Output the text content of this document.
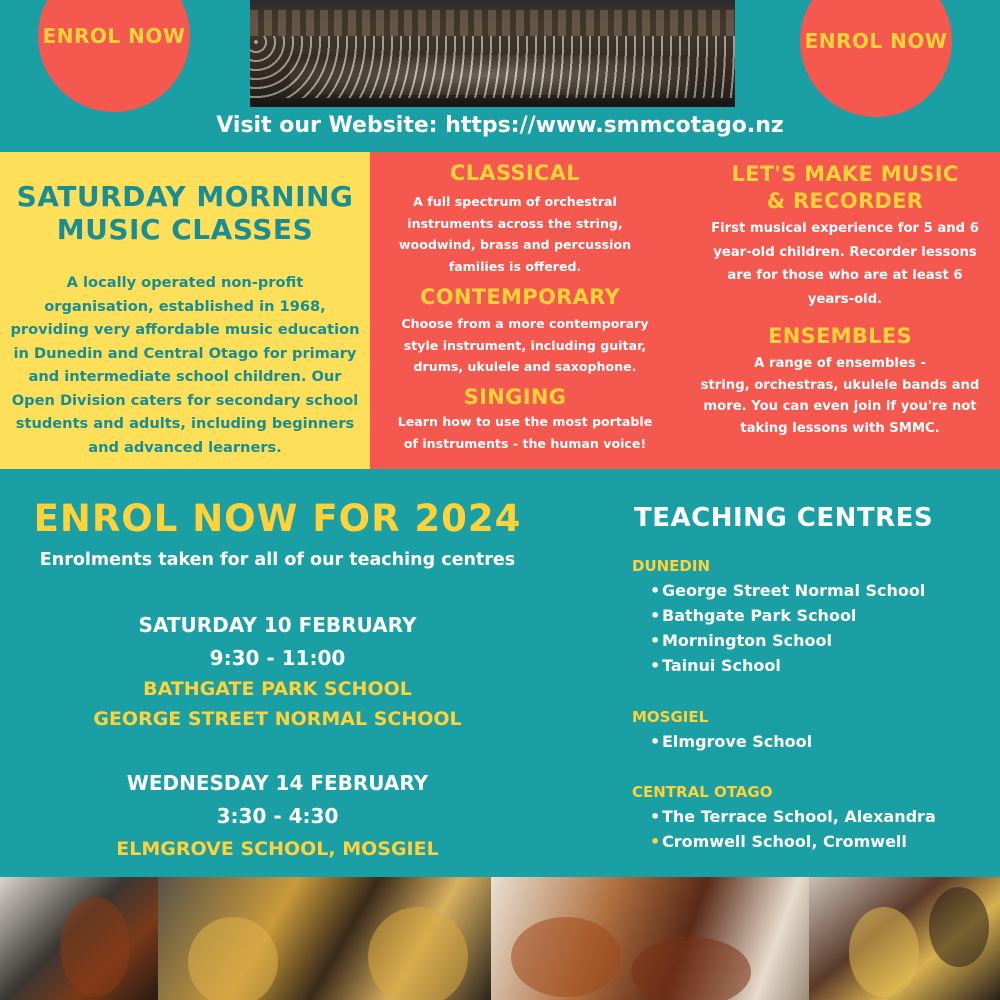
ENROL NOW	ENROL NOW
Visit our Website: https://www.smmcotago.nz
SATURDAY MORNING
MUSIC CLASSES
A locally operated non-profit
organisation, established in 1968,
providing very affordable music education
in Dunedin and Central Otago for primary
and intermediate school children. Our
Open Division caters for secondary school
students and adults, including beginners
and advanced learners.
CLASSICAL
A full spectrum of orchestral
instruments across the string,
woodwind, brass and percussion
families is offered.
CONTEMPORARY
Choose from a more contemporary
style instrument, including guitar,
drums, ukulele and saxophone.
SINGING
Learn how to use the most portable
of instruments - the human voice!
LET'S MAKE MUSIC
& RECORDER
First musical experience for 5 and 6
year-old children. Recorder lessons
are for those who are at least 6
years-old.
ENSEMBLES
A range of ensembles -
string, orchestras, ukulele bands and
more. You can even join if you're not
taking lessons with SMMC.
ENROL NOW FOR 2024
Enrolments taken for all of our teaching centres
SATURDAY 10 FEBRUARY
9:30 - 11:00
BATHGATE PARK SCHOOL
GEORGE STREET NORMAL SCHOOL
WEDNESDAY 14 FEBRUARY
3:30 - 4:30
ELMGROVE SCHOOL, MOSGIEL
TEACHING CENTRES
DUNEDIN
• George Street Normal School
• Bathgate Park School
• Mornington School
• Tainui School
MOSGIEL
• Elmgrove School
CENTRAL OTAGO
• The Terrace School, Alexandra
• Cromwell School, Cromwell
